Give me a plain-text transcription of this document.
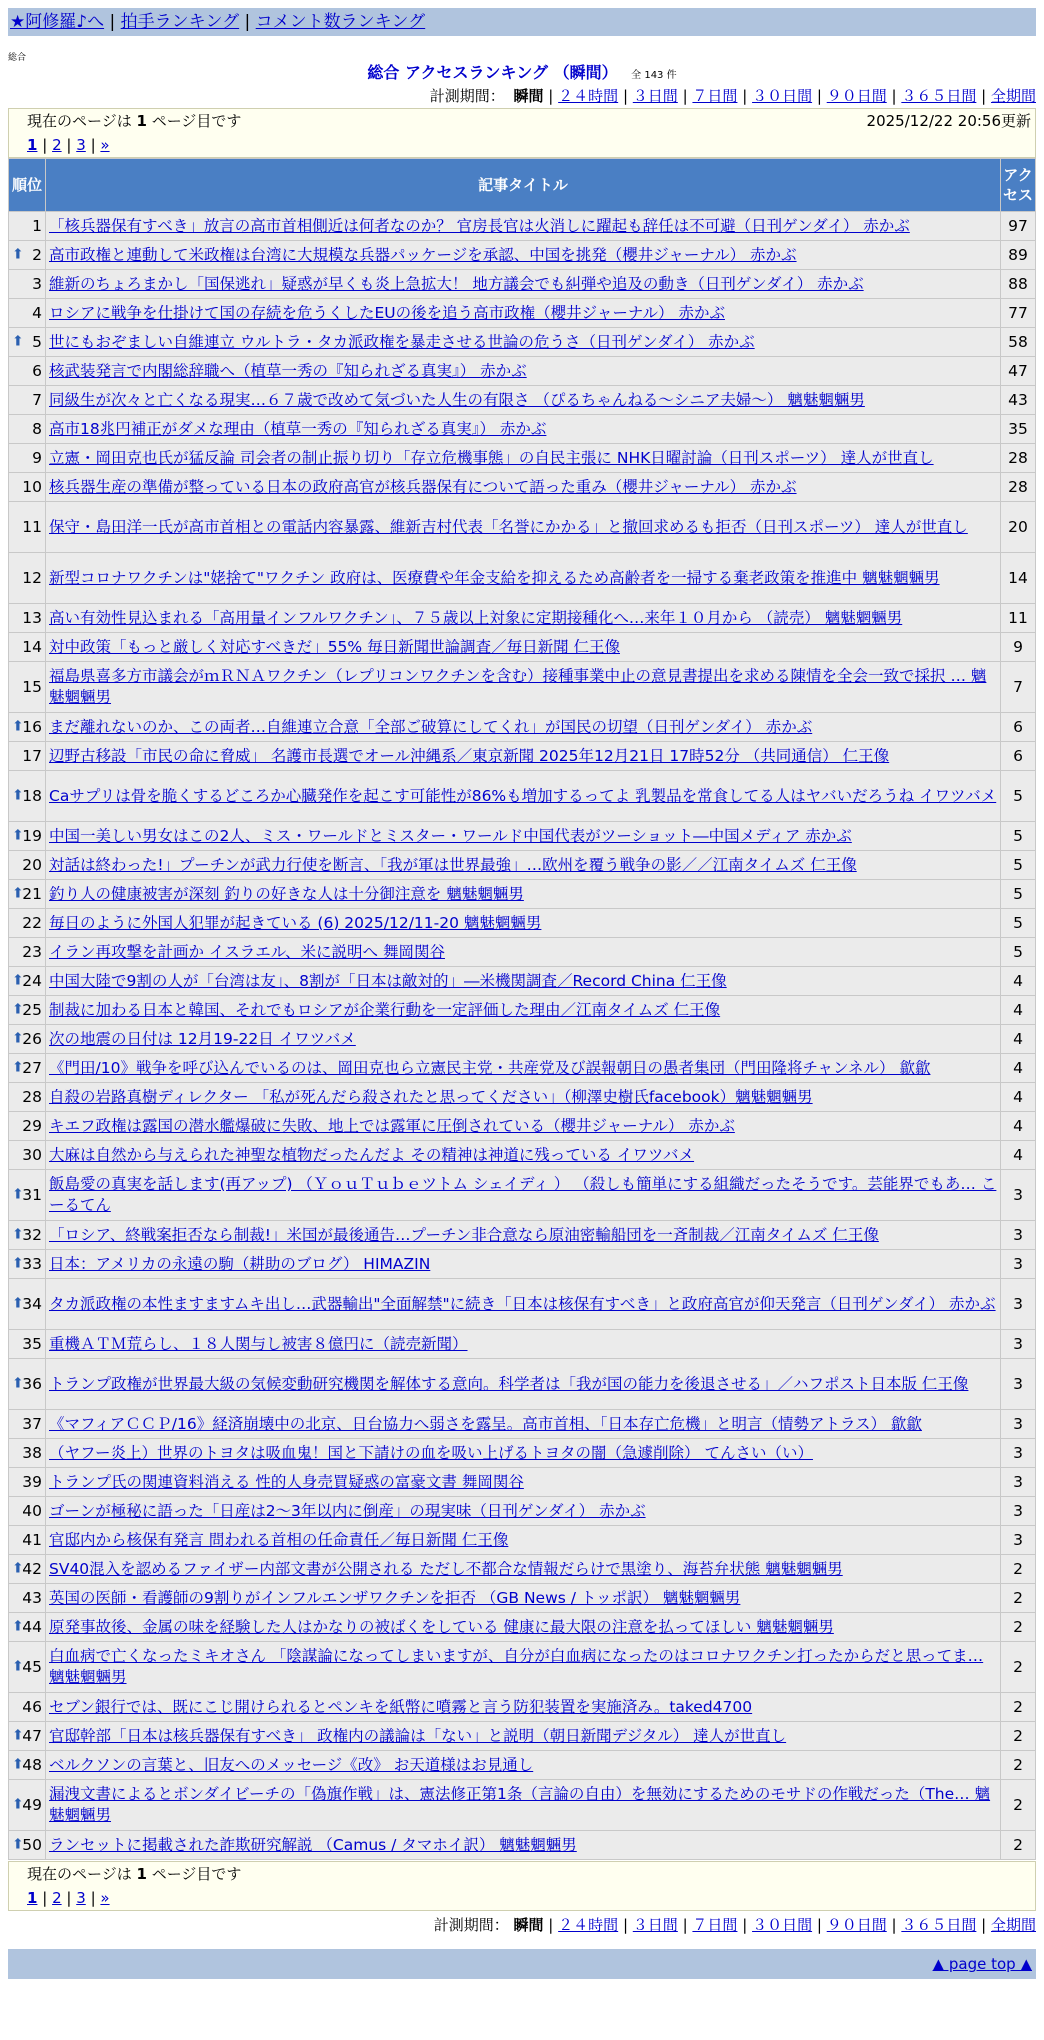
★阿修羅♪へ | 拍手ランキング | コメント数ランキング
総合
総合 アクセスランキング （瞬間） 全 143 件
計測期間： 瞬間 | ２４時間 | ３日間 | ７日間 | ３０日間 | ９０日間 | ３６５日間 | 全期間
現在のページは 1 ページ目です	2025/12/22 20:56更新
1 | 2 | 3 | »
順位	記事タイトル	アクセス
1	「核兵器保有すべき」放言の高市首相側近は何者なのか？ 官房長官は火消しに躍起も辞任は不可避（日刊ゲンダイ） 赤かぶ	97

⬆ 2	高市政権と連動して米政権は台湾に大規模な兵器パッケージを承認、中国を挑発（櫻井ジャーナル） 赤かぶ	89
3	維新のちょろまかし「国保逃れ」疑惑が早くも炎上急拡大！ 地方議会でも糾弾や追及の動き（日刊ゲンダイ） 赤かぶ	88
4	ロシアに戦争を仕掛けて国の存続を危うくしたEUの後を追う高市政権（櫻井ジャーナル） 赤かぶ	77

⬆ 5	世にもおぞましい自維連立 ウルトラ・タカ派政権を暴走させる世論の危うさ（日刊ゲンダイ） 赤かぶ	58
6	核武装発言で内閣総辞職へ（植草一秀の『知られざる真実』） 赤かぶ	47
7	同級生が次々と亡くなる現実…６７歳で改めて気づいた人生の有限さ （ぴるちゃんねる～シニア夫婦～） 魑魅魍魎男	43
8	高市18兆円補正がダメな理由（植草一秀の『知られざる真実』） 赤かぶ	35
9	立憲・岡田克也氏が猛反論 司会者の制止振り切り「存立危機事態」の自民主張に NHK日曜討論（日刊スポーツ） 達人が世直し	28
10	核兵器生産の準備が整っている日本の政府高官が核兵器保有について語った重み（櫻井ジャーナル） 赤かぶ	28
11	保守・島田洋一氏が高市首相との電話内容暴露、維新吉村代表「名誉にかかる」と撤回求めるも拒否（日刊スポーツ） 達人が世直し	20
12	新型コロナワクチンは"姥捨て"ワクチン 政府は、医療費や年金支給を抑えるため高齢者を一掃する棄老政策を推進中 魑魅魍魎男	14
13	高い有効性見込まれる「高用量インフルワクチン」、７５歳以上対象に定期接種化へ…来年１０月から （読売） 魑魅魍魎男	11
14	対中政策「もっと厳しく対応すべきだ」55% 毎日新聞世論調査／毎日新聞 仁王像	9
15	福島県喜多方市議会がｍＲＮＡワクチン（レプリコンワクチンを含む）接種事業中止の意見書提出を求める陳情を全会一致で採択 … 魑魅魍魎男	7

⬆
16	まだ離れないのか、この両者…自維連立合意「全部ご破算にしてくれ」が国民の切望（日刊ゲンダイ） 赤かぶ	6
17	辺野古移設「市民の命に脅威」 名護市長選でオール沖縄系／東京新聞 2025年12月21日 17時52分 （共同通信） 仁王像	6

⬆
18	Caサプリは骨を脆くするどころか心臓発作を起こす可能性が86%も増加するってよ 乳製品を常食してる人はヤバいだろうね イワツバメ	5

⬆
19	中国一美しい男女はこの2人、ミス・ワールドとミスター・ワールド中国代表がツーショット―中国メディア 赤かぶ	5
20	対話は終わった!」プーチンが武力行使を断言、「我が軍は世界最強」…欧州を覆う戦争の影／／江南タイムズ 仁王像	5

⬆
21	釣り人の健康被害が深刻 釣りの好きな人は十分御注意を 魑魅魍魎男	5
22	毎日のように外国人犯罪が起きている (6) 2025/12/11-20 魑魅魍魎男	5
23	イラン再攻撃を計画か イスラエル、米に説明へ 舞岡関谷	5

⬆
24	中国大陸で9割の人が「台湾は友」、8割が「日本は敵対的」―米機関調査／Record China 仁王像	4

⬆
25	制裁に加わる日本と韓国、それでもロシアが企業行動を一定評価した理由／江南タイムズ 仁王像	4

⬆
26	次の地震の日付は 12月19-22日 イワツバメ	4

⬆
27	《門田/10》戦争を呼び込んでいるのは、岡田克也ら立憲民主党・共産党及び誤報朝日の愚者集団（門田隆将チャンネル） 歙歙	4
28	自殺の岩路真樹ディレクター 「私が死んだら殺されたと思ってください」（柳澤史樹氏facebook）魑魅魍魎男	4
29	キエフ政権は露国の潜水艦爆破に失敗、地上では露軍に圧倒されている（櫻井ジャーナル） 赤かぶ	4
30	大麻は自然から与えられた神聖な植物だったんだよ その精神は神道に残っている イワツバメ	4

⬆
31	飯島愛の真実を話します(再アップ) （ＹｏｕＴｕｂｅツトム シェイディ ） （殺しも簡単にする組織だったそうです。芸能界でもあ… こーるてん	3

⬆
32	「ロシア、終戦案拒否なら制裁!」米国が最後通告…プーチン非合意なら原油密輸船団を一斉制裁／江南タイムズ 仁王像	3

⬆
33	日本：アメリカの永遠の駒（耕助のブログ） HIMAZIN	3

⬆
34	タカ派政権の本性ますますムキ出し…武器輸出"全面解禁"に続き「日本は核保有すべき」と政府高官が仰天発言（日刊ゲンダイ） 赤かぶ	3
35	重機ＡＴＭ荒らし、１８人関与し被害８億円に（読売新聞）	3

⬆
36	トランプ政権が世界最大級の気候変動研究機関を解体する意向。科学者は「我が国の能力を後退させる」／ハフポスト日本版 仁王像	3
37	《マフィアＣＣＰ/16》経済崩壊中の北京、日台協力へ弱さを露呈。高市首相、「日本存亡危機」と明言（情勢アトラス） 歙歙	3
38	（ヤフー炎上）世界のトヨタは吸血鬼！国と下請けの血を吸い上げるトヨタの闇（急遽削除） てんさい（い）	3
39	トランプ氏の関連資料消える 性的人身売買疑惑の富豪文書 舞岡関谷	3
40	ゴーンが極秘に語った「日産は2～3年以内に倒産」の現実味（日刊ゲンダイ） 赤かぶ	3
41	官邸内から核保有発言 問われる首相の任命責任／毎日新聞 仁王像	3

⬆
42	SV40混入を認めるファイザー内部文書が公開される ただし不都合な情報だらけで黒塗り、海苔弁状態 魑魅魍魎男	2
43	英国の医師・看護師の9割りがインフルエンザワクチンを拒否 （GB News / トッポ訳） 魑魅魍魎男	2

⬆
44	原発事故後、金属の味を経験した人はかなりの被ばくをしている 健康に最大限の注意を払ってほしい 魑魅魍魎男	2

⬆
45	白血病で亡くなったミキオさん 「陰謀論になってしまいますが、自分が白血病になったのはコロナワクチン打ったからだと思ってま… 魑魅魍魎男	2
46	セブン銀行では、既にこじ開けられるとペンキを紙幣に噴霧と言う防犯装置を実施済み。taked4700	2

⬆
47	官邸幹部「日本は核兵器保有すべき」 政権内の議論は「ない」と説明（朝日新聞デジタル） 達人が世直し	2

⬆
48	ベルクソンの言葉と、旧友へのメッセージ《改》 お天道様はお見通し	2

⬆
49	漏洩文書によるとボンダイビーチの「偽旗作戦」は、憲法修正第1条（言論の自由）を無効にするためのモサドの作戦だった（The… 魑魅魍魎男	2

⬆
50	ランセットに掲載された詐欺研究解説 （Camus / タマホイ訳） 魑魅魍魎男	2
現在のページは 1 ページ目です
1 | 2 | 3 | »
計測期間： 瞬間 | ２４時間 | ３日間 | ７日間 | ３０日間 | ９０日間 | ３６５日間 | 全期間
▲ page top ▲
